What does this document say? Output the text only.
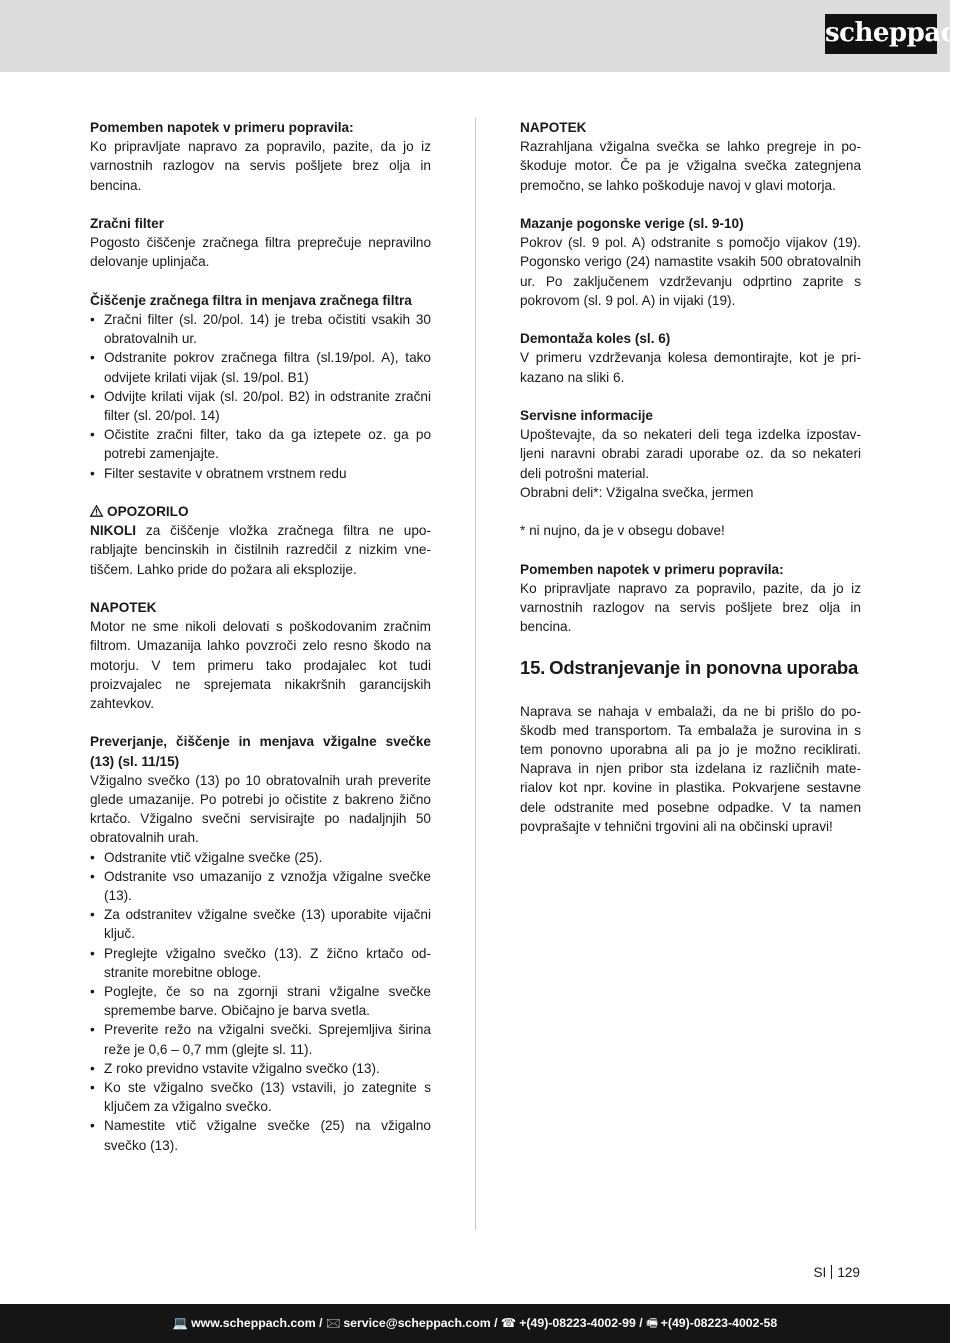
scheppach

Pomemben napotek v primeru popravila:

Ko pripravljate napravo za popravilo, pazite, da jo iz varnostnih razlogov na servis pošljete brez olja in bencina.

Zračni filter

Pogosto čiščenje zračnega filtra preprečuje nepravilno delovanje uplinjača.

Čiščenje zračnega filtra in menjava zračnega filtra

• Zračni filter (sl. 20/pol. 14) je treba očistiti vsakih 30 obratovalnih ur.
• Odstranite pokrov zračnega filtra (sl.19/pol. A), tako odvijete krilati vijak (sl. 19/pol. B1)
• Odvijte krilati vijak (sl. 20/pol. B2) in odstranite zračni filter (sl. 20/pol. 14)
• Očistite zračni filter, tako da ga iztepete oz. ga po potrebi zamenjajte.
• Filter sestavite v obratnem vrstnem redu

OPOZORILO

NIKOLI za čiščenje vložka zračnega filtra ne uporabljajte bencinskih in čistilnih razredčil z nizkim vnetiščem. Lahko pride do požara ali eksplozije.

NAPOTEK

Motor ne sme nikoli delovati s poškodovanim zračnim filtrom. Umazanija lahko povzroči zelo resno škodo na motorju. V tem primeru tako prodajalec kot tudi proizvajalec ne sprejemata nikakršnih garancijskih zahtevkov.

Preverjanje, čiščenje in menjava vžigalne svečke (13) (sl. 11/15)

Vžigalno svečko (13) po 10 obratovalnih urah preverite glede umazanije. Po potrebi jo očistite z bakreno žično krtačo. Vžigalno svečni servisirajte po nadaljnjih 50 obratovalnih urah.

• Odstranite vtič vžigalne svečke (25).
• Odstranite vso umazanijo z vznožja vžigalne svečke (13).
• Za odstranitev vžigalne svečke (13) uporabite vijačni ključ.
• Preglejte vžigalno svečko (13). Z žično krtačo odstranite morebitne obloge.
• Poglejte, če so na zgornji strani vžigalne svečke spremembe barve. Običajno je barva svetla.
• Preverite režo na vžigalni svečki. Sprejemljiva širina reže je 0,6 – 0,7 mm (glejte sl. 11).
• Z roko previdno vstavite vžigalno svečko (13).
• Ko ste vžigalno svečko (13) vstavili, jo zategnite s ključem za vžigalno svečko.
• Namestite vtič vžigalne svečke (25) na vžigalno svečko (13).

NAPOTEK

Razrahljana vžigalna svečka se lahko pregreje in poškoduje motor. Če pa je vžigalna svečka zategnjena premočno, se lahko poškoduje navoj v glavi motorja.

Mazanje pogonske verige (sl. 9-10)

Pokrov (sl. 9 pol. A) odstranite s pomočjo vijakov (19). Pogonsko verigo (24) namastite vsakih 500 obratovalnih ur. Po zaključenem vzdrževanju odprtino zaprite s pokrovom (sl. 9 pol. A) in vijaki (19).

Demontaža koles (sl. 6)

V primeru vzdrževanja kolesa demontirajte, kot je prikazano na sliki 6.

Servisne informacije

Upoštevajte, da so nekateri deli tega izdelka izpostavljeni naravni obrabi zaradi uporabe oz. da so nekateri deli potrošni material.

Obrabni deli*: Vžigalna svečka, jermen

* ni nujno, da je v obsegu dobave!

Pomemben napotek v primeru popravila:

Ko pripravljate napravo za popravilo, pazite, da jo iz varnostnih razlogov na servis pošljete brez olja in bencina.

15. Odstranjevanje in ponovna uporaba

Naprava se nahaja v embalaži, da ne bi prišlo do poškodb med transportom. Ta embalaža je surovina in s tem ponovno uporabna ali pa jo je možno reciklirati. Naprava in njen pribor sta izdelana iz različnih materialov kot npr. kovine in plastika. Pokvarjene sestavne dele odstranite med posebne odpadke. V ta namen povprašajte v tehnični trgovini ali na občinski upravi!

SI 129
💻 www.scheppach.com / 🖂 service@scheppach.com / ☎ +(49)-08223-4002-99 / 🖷 +(49)-08223-4002-58
